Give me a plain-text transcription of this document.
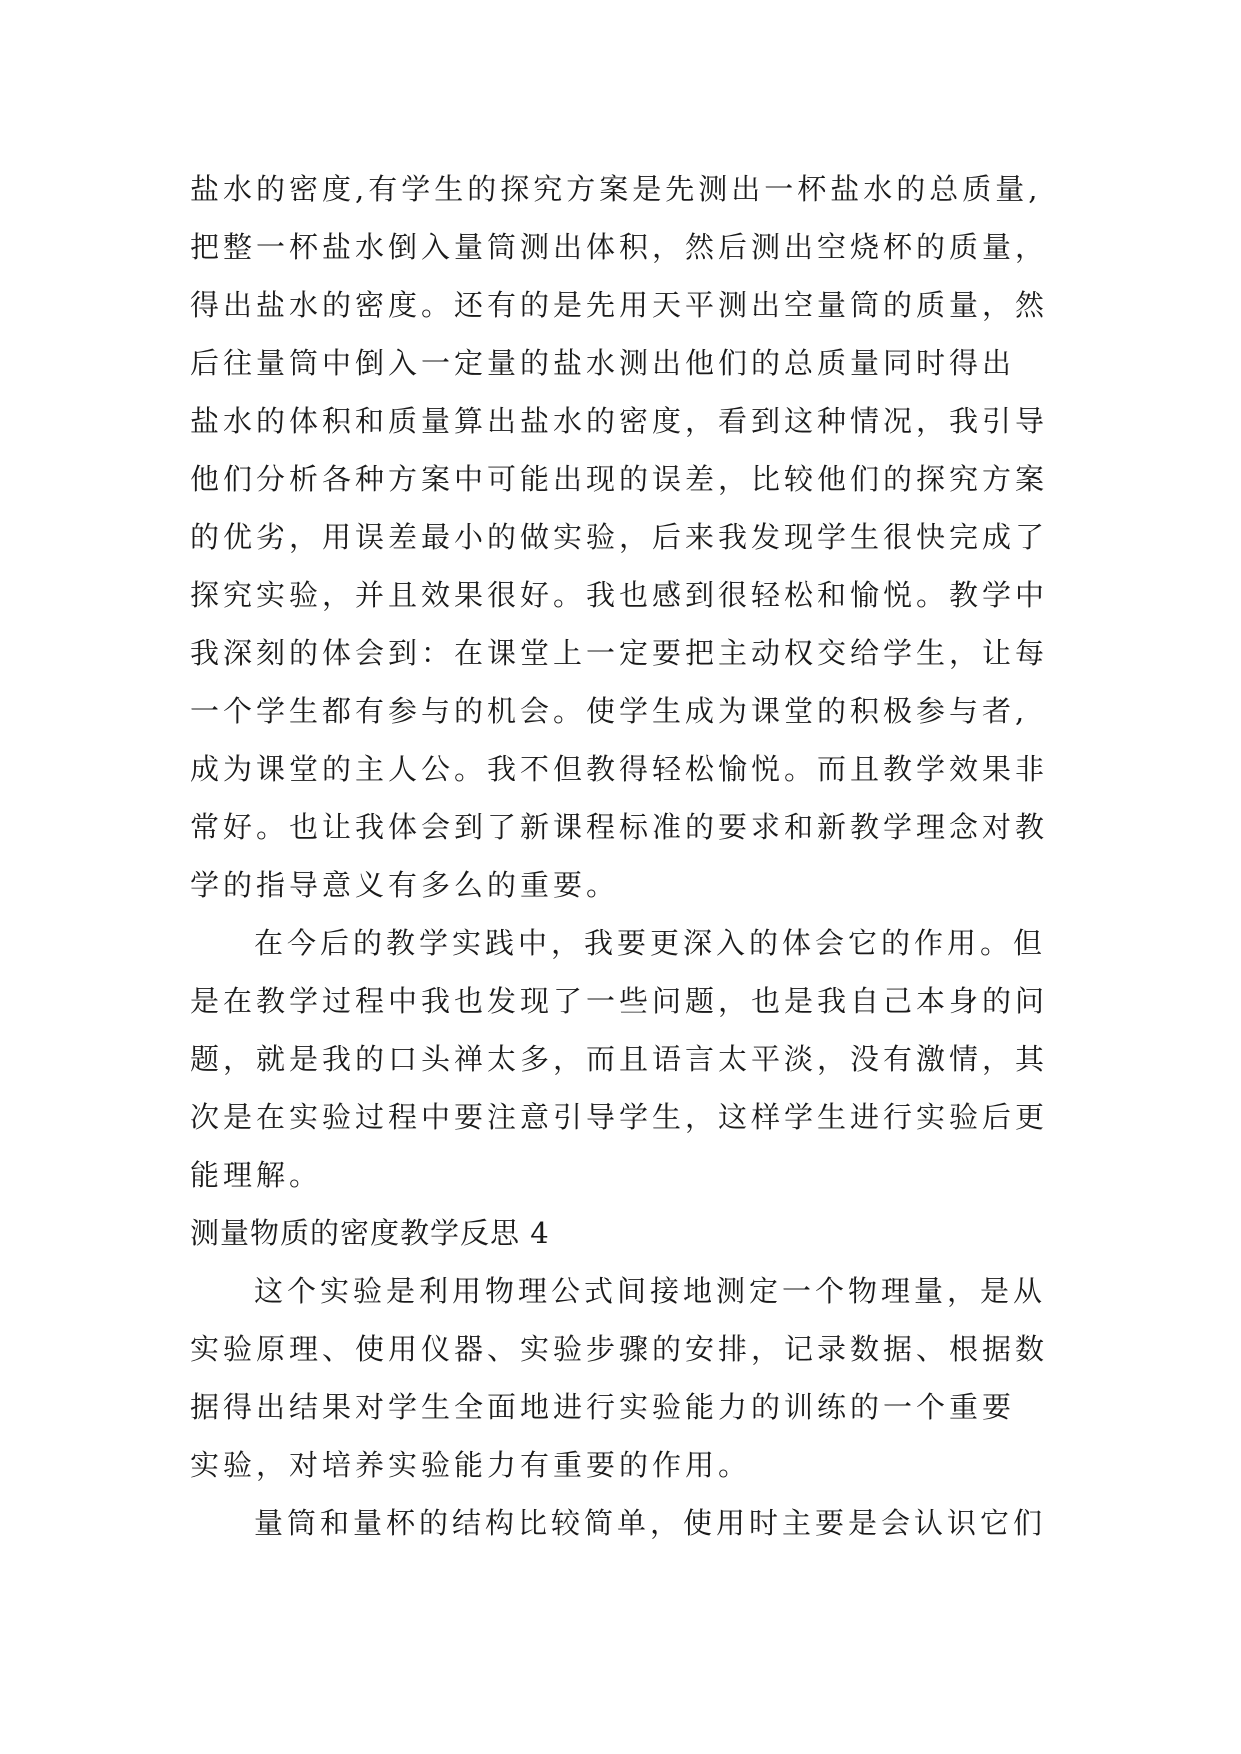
盐水的密度,有学生的探究方案是先测出一杯盐水的总质量,
把整一杯盐水倒入量筒测出体积，然后测出空烧杯的质量，
得出盐水的密度。还有的是先用天平测出空量筒的质量，然
后往量筒中倒入一定量的盐水测出他们的总质量同时得出
盐水的体积和质量算出盐水的密度，看到这种情况，我引导
他们分析各种方案中可能出现的误差，比较他们的探究方案
的优劣，用误差最小的做实验，后来我发现学生很快完成了
探究实验，并且效果很好。我也感到很轻松和愉悦。教学中
我深刻的体会到：在课堂上一定要把主动权交给学生，让每
一个学生都有参与的机会。使学生成为课堂的积极参与者,
成为课堂的主人公。我不但教得轻松愉悦。而且教学效果非
常好。也让我体会到了新课程标准的要求和新教学理念对教
学的指导意义有多么的重要。
在今后的教学实践中，我要更深入的体会它的作用。但
是在教学过程中我也发现了一些问题，也是我自己本身的问
题，就是我的口头禅太多，而且语言太平淡，没有激情，其
次是在实验过程中要注意引导学生，这样学生进行实验后更
能理解。
测量物质的密度教学反思 4
这个实验是利用物理公式间接地测定一个物理量，是从
实验原理、使用仪器、实验步骤的安排，记录数据、根据数
据得出结果对学生全面地进行实验能力的训练的一个重要
实验，对培养实验能力有重要的作用。
量筒和量杯的结构比较简单，使用时主要是会认识它们
